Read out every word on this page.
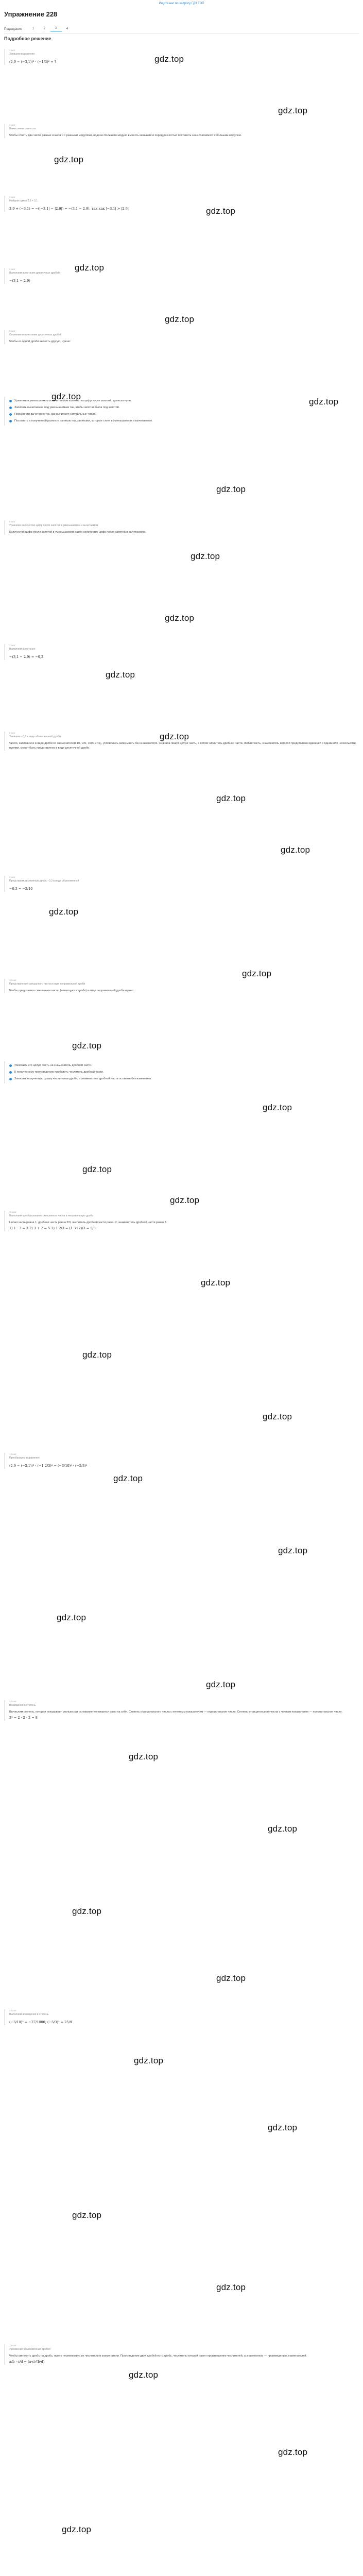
Ищите нас по запросу ГДЗ ТОП
Упражнение 228
Подзадания:	1	2	3	4
Подробное решение
1 шаг
Запишем выражение:
(2,9 − (−3,1))³ · (−1/3)² = ?
2 шаг
Вычисление разности
Чтобы отнять два числа разных знаков и с разными модулями, надо из большего модуля вычесть меньший и перед разностью поставить знак слагаемого с большим модулем.
3 шаг
Найдем сумму 2,9 + 3,1.
2,9 + (−3,1) = −(|−3,1| − |2,9|) = −(3,1 − 2,9), так как |−3,1| > |2,9|
4 шаг
Выполним вычитание десятичных дробей
−(3,1 − 2,9)
5 шаг
Сложение и вычитание десятичных дробей
Чтобы из одной дроби вычесть другую, нужно:
Уравнять в уменьшаемом и вычитаемом количество цифр после запятой, дописав нули.
Записать вычитаемое под уменьшаемым так, чтобы запятая была под запятой.
Произвести вычитание так, как вычитают натуральные числа.
Поставить в полученной разности запятую под запятыми, которые стоят в уменьшаемом и вычитаемом.
6 шаг
Уравняем количество цифр после запятой в уменьшаемом и вычитаемом
Количество цифр после запятой в уменьшаемом равно количеству цифр после запятой в вычитаемом.
7 шаг
Выполним вычитание
−(3,1 − 2,9) = −0,2
8 шаг
Запишем −0,2 в виде обыкновенной дроби
Число, записанное в виде дроби со знаменателем 10, 100, 1000 и т.д., условились записывать без знаменателя. Сначала пишут целую часть, а потом числитель дробной части. Любая часть, знаменатель которой представлен единицей с одним или несколькими нулями, может быть представлена в виде десятичной дроби.
9 шаг
Представим десятичную дробь −0,3 в виде обыкновенной
−0,3 = −3/10
10 шаг
Представление смешанного числа в виде неправильной дроби
Чтобы представить смешанное число (имеющуюся дробь) в виде неправильной дроби нужно:
Умножить его целую часть на знаменатель дробной части.
К полученному произведению прибавить числитель дробной части.
Записать полученную сумму числителем дроби, а знаменатель дробной части оставить без изменения.
11 шаг
Выполним преобразование смешанного числа в неправильную дробь
Целая часть равна 1, дробная часть равна 2/3, числитель дробной части равен 2, знаменатель дробной части равен 3.
1) 1 · 3 = 3 2) 3 + 2 = 5 3) 1 2/3 = (1·3+2)/3 = 5/3
12 шаг
Преобразуем выражение
(2,9 − (−3,1))³ · (−1 2/3)² = (−3/10)³ · (−5/3)²
13 шаг
Возведение в степень
Вычислим степень, которая показывает сколько раз основание умножается само на себя. Степень отрицательного числа с нечетным показателем — отрицательное число. Степень отрицательного числа с четным показателем — положительное число.
2³ = 2 · 2 · 2 = 8
14 шаг
Выполним возведение в степень
(−3/10)³ = −27/1000; (−5/3)² = 25/9
15 шаг
Умножение обыкновенных дробей
Чтобы умножить дробь на дробь, нужно перемножить их числители и знаменатели. Произведение двух дробей есть дробь, числитель которой равен произведению числителей, а знаменатель — произведению знаменателей.
a/b · c/d = (a·c)/(b·d)
gdz.top
gdz.top
gdz.top
gdz.top
gdz.top
gdz.top
gdz.top
gdz.top
gdz.top
gdz.top
gdz.top
gdz.top
gdz.top
gdz.top
gdz.top
gdz.top
gdz.top
gdz.top
gdz.top
gdz.top
gdz.top
gdz.top
gdz.top
gdz.top
gdz.top
gdz.top
gdz.top
gdz.top
gdz.top
gdz.top
gdz.top
gdz.top
gdz.top
gdz.top
gdz.top
gdz.top
gdz.top
gdz.top
gdz.top
